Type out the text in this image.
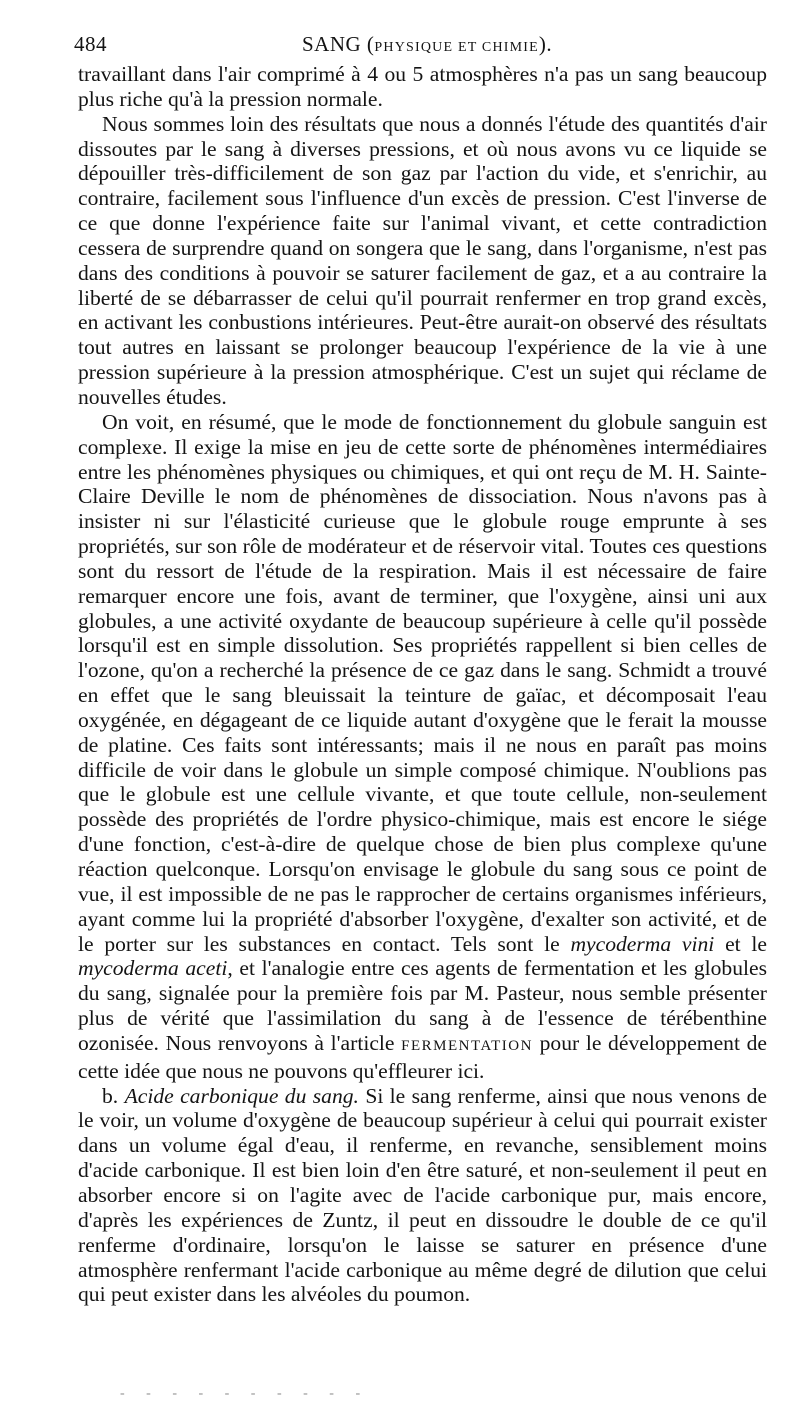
484	SANG (PHYSIQUE ET CHIMIE).

travaillant dans l'air comprimé à 4 ou 5 atmosphères n'a pas un sang beaucoup plus riche qu'à la pression normale.

Nous sommes loin des résultats que nous a donnés l'étude des quantités d'air dissoutes par le sang à diverses pressions, et où nous avons vu ce liquide se dépouiller très-difficilement de son gaz par l'action du vide, et s'enrichir, au contraire, facilement sous l'influence d'un excès de pression. C'est l'inverse de ce que donne l'expérience faite sur l'animal vivant, et cette contradiction cessera de surprendre quand on songera que le sang, dans l'organisme, n'est pas dans des conditions à pouvoir se saturer facilement de gaz, et a au contraire la liberté de se débarrasser de celui qu'il pourrait renfermer en trop grand excès, en activant les conbustions intérieures. Peut-être aurait-on observé des résultats tout autres en laissant se prolonger beaucoup l'expérience de la vie à une pression supérieure à la pression atmosphérique. C'est un sujet qui réclame de nouvelles études.

On voit, en résumé, que le mode de fonctionnement du globule sanguin est complexe. Il exige la mise en jeu de cette sorte de phénomènes intermédiaires entre les phénomènes physiques ou chimiques, et qui ont reçu de M. H. Sainte-Claire Deville le nom de phénomènes de dissociation. Nous n'avons pas à insister ni sur l'élasticité curieuse que le globule rouge emprunte à ses propriétés, sur son rôle de modérateur et de réservoir vital. Toutes ces questions sont du ressort de l'étude de la respiration. Mais il est nécessaire de faire remarquer encore une fois, avant de terminer, que l'oxygène, ainsi uni aux globules, a une activité oxydante de beaucoup supérieure à celle qu'il possède lorsqu'il est en simple dissolution. Ses propriétés rappellent si bien celles de l'ozone, qu'on a recherché la présence de ce gaz dans le sang. Schmidt a trouvé en effet que le sang bleuissait la teinture de gaïac, et décomposait l'eau oxygénée, en dégageant de ce liquide autant d'oxygène que le ferait la mousse de platine. Ces faits sont intéressants; mais il ne nous en paraît pas moins difficile de voir dans le globule un simple composé chimique. N'oublions pas que le globule est une cellule vivante, et que toute cellule, non-seulement possède des propriétés de l'ordre physico-chimique, mais est encore le siége d'une fonction, c'est-à-dire de quelque chose de bien plus complexe qu'une réaction quelconque. Lorsqu'on envisage le globule du sang sous ce point de vue, il est impossible de ne pas le rapprocher de certains organismes inférieurs, ayant comme lui la propriété d'absorber l'oxygène, d'exalter son activité, et de le porter sur les substances en contact. Tels sont le mycoderma vini et le mycoderma aceti, et l'analogie entre ces agents de fermentation et les globules du sang, signalée pour la première fois par M. Pasteur, nous semble présenter plus de vérité que l'assimilation du sang à de l'essence de térébenthine ozonisée. Nous renvoyons à l'article FERMENTATION pour le développement de cette idée que nous ne pouvons qu'effleurer ici.

b. Acide carbonique du sang. Si le sang renferme, ainsi que nous venons de le voir, un volume d'oxygène de beaucoup supérieur à celui qui pourrait exister dans un volume égal d'eau, il renferme, en revanche, sensiblement moins d'acide carbonique. Il est bien loin d'en être saturé, et non-seulement il peut en absorber encore si on l'agite avec de l'acide carbonique pur, mais encore, d'après les expériences de Zuntz, il peut en dissoudre le double de ce qu'il renferme d'ordinaire, lorsqu'on le laisse se saturer en présence d'une atmosphère renfermant l'acide carbonique au même degré de dilution que celui qui peut exister dans les alvéoles du poumon.

- - - - - - - - - -
